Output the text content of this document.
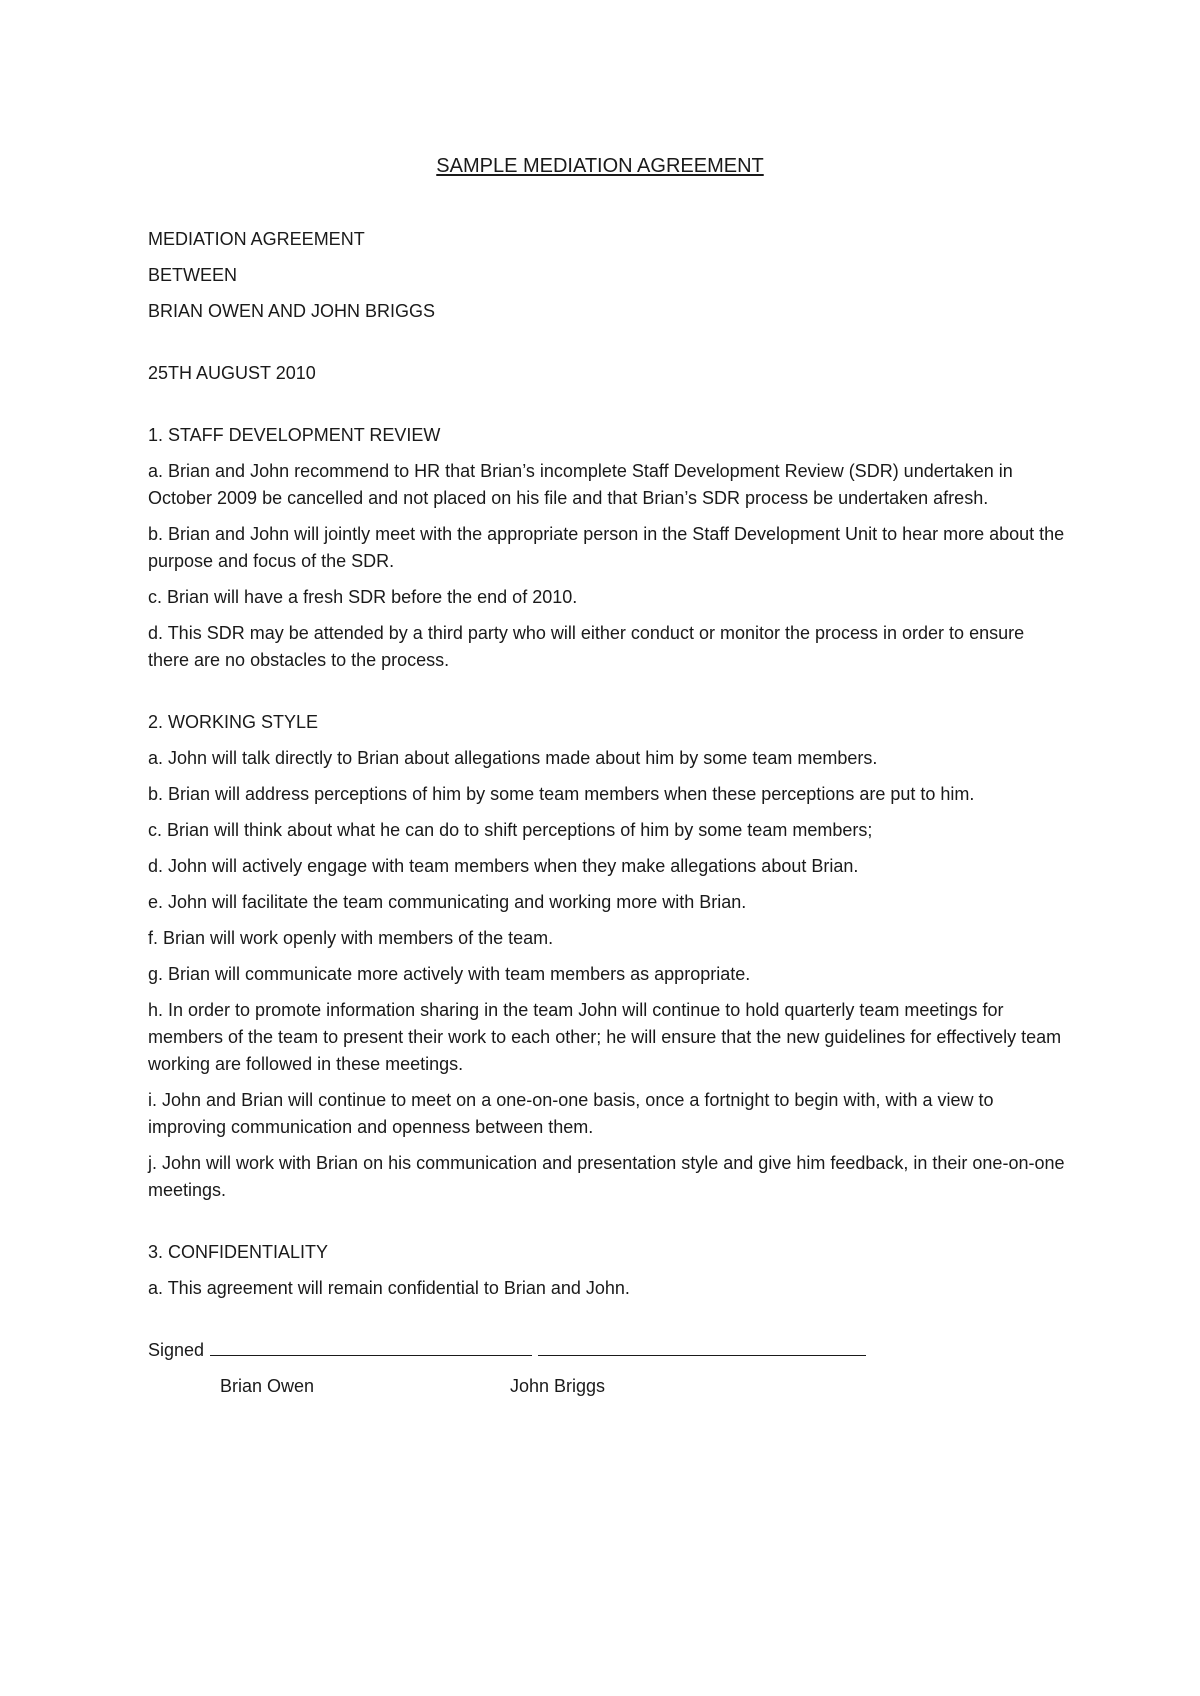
SAMPLE MEDIATION AGREEMENT

MEDIATION AGREEMENT

BETWEEN

BRIAN OWEN AND JOHN BRIGGS

25TH AUGUST 2010

1. STAFF DEVELOPMENT REVIEW

a. Brian and John recommend to HR that Brian’s incomplete Staff Development Review (SDR) undertaken in October 2009 be cancelled and not placed on his file and that Brian’s SDR process be undertaken afresh.

b. Brian and John will jointly meet with the appropriate person in the Staff Development Unit to hear more about the purpose and focus of the SDR.

c. Brian will have a fresh SDR before the end of 2010.

d. This SDR may be attended by a third party who will either conduct or monitor the process in order to ensure there are no obstacles to the process.

2. WORKING STYLE

a. John will talk directly to Brian about allegations made about him by some team members.

b. Brian will address perceptions of him by some team members when these perceptions are put to him.

c. Brian will think about what he can do to shift perceptions of him by some team members;

d. John will actively engage with team members when they make allegations about Brian.

e. John will facilitate the team communicating and working more with Brian.

f. Brian will work openly with members of the team.

g. Brian will communicate more actively with team members as appropriate.

h. In order to promote information sharing in the team John will continue to hold quarterly team meetings for members of the team to present their work to each other; he will ensure that the new guidelines for effectively team working are followed in these meetings.

i. John and Brian will continue to meet on a one-on-one basis, once a fortnight to begin with, with a view to improving communication and openness between them.

j. John will work with Brian on his communication and presentation style and give him feedback, in their one-on-one meetings.

3. CONFIDENTIALITY

a. This agreement will remain confidential to Brian and John.

Signed
Brian Owen	John Briggs
